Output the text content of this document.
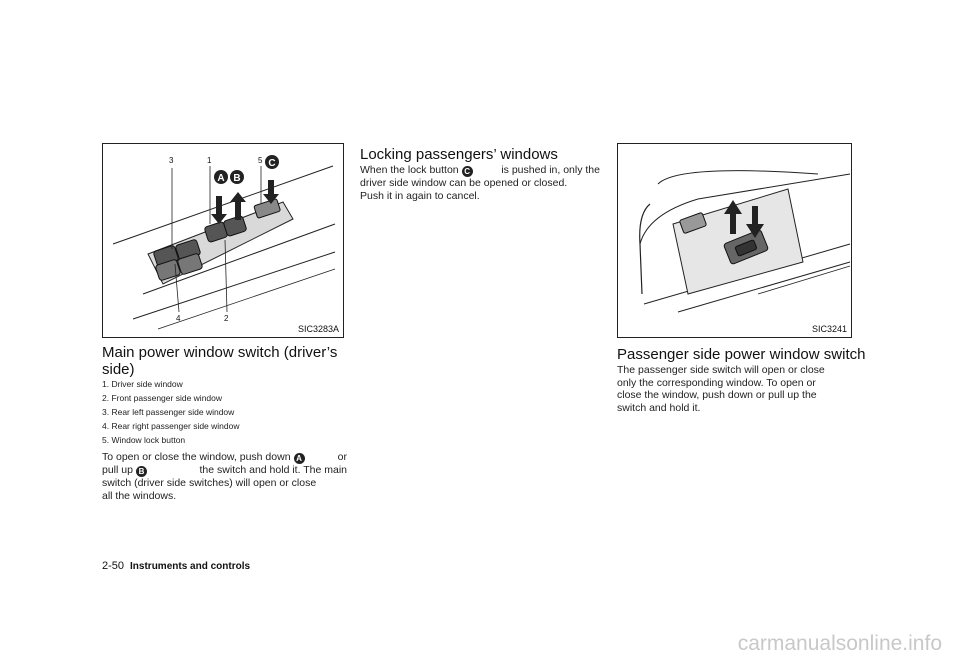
3	1	5
4	2
A B
C
SIC3283A
Main power window switch (driver’s
side)
1. Driver side window
2. Front passenger side window
3. Rear left passenger side window
4. Rear right passenger side window
5. Window lock button
To open or close the window, push down A	or
pull up B	the switch and hold it. The main
switch (driver side switches) will open or close
all the windows.
Locking passengers’ windows
When the lock button C	is pushed in, only the
driver side window can be opened or closed.
Push it in again to cancel.
SIC3241
Passenger side power window switch
The passenger side switch will open or close
only the corresponding window. To open or
close the window, push down or pull up the
switch and hold it.
2-50 Instruments and controls
carmanualsonline.info
